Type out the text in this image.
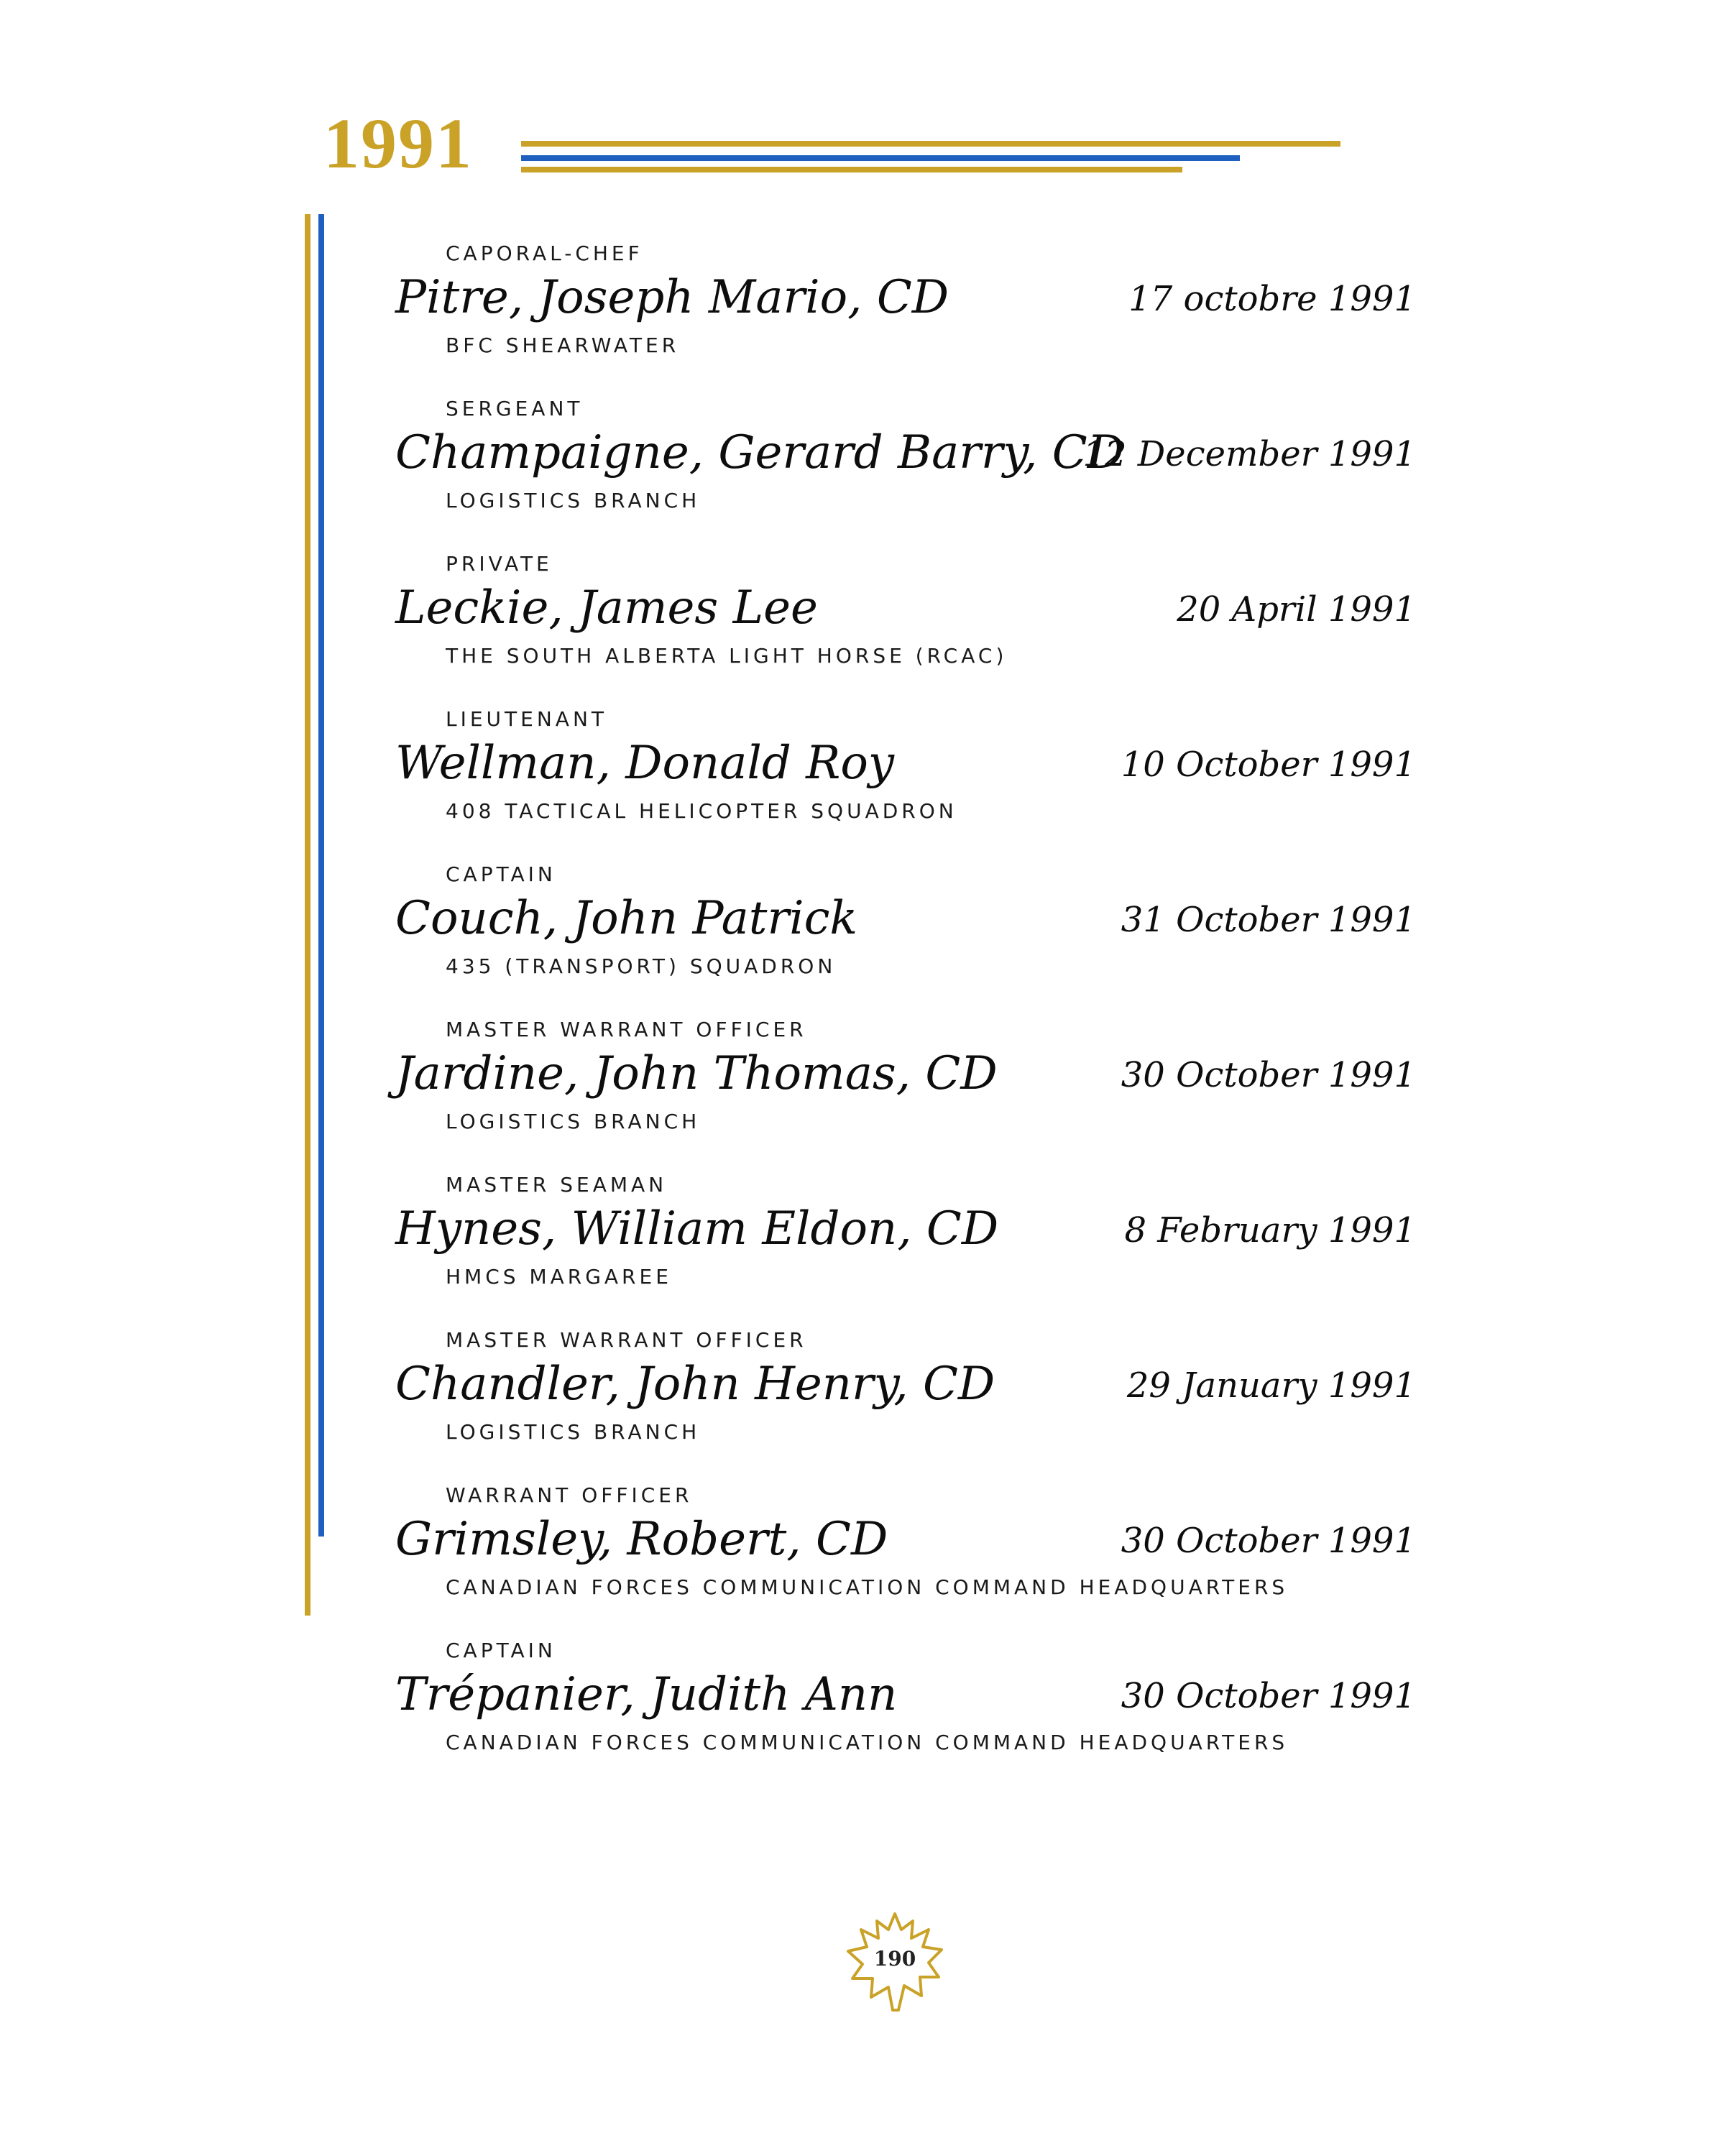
1991
CAPORAL-CHEF
Pitre, Joseph Mario, CD
BFC SHEARWATER
17 octobre 1991
SERGEANT
Champaigne, Gerard Barry, CD
LOGISTICS BRANCH
12 December 1991
PRIVATE
Leckie, James Lee
THE SOUTH ALBERTA LIGHT HORSE (RCAC)
20 April 1991
LIEUTENANT
Wellman, Donald Roy
408 TACTICAL HELICOPTER SQUADRON
10 October 1991
CAPTAIN
Couch, John Patrick
435 (TRANSPORT) SQUADRON
31 October 1991
MASTER WARRANT OFFICER
Jardine, John Thomas, CD
LOGISTICS BRANCH
30 October 1991
MASTER SEAMAN
Hynes, William Eldon, CD
HMCS MARGAREE
8 February 1991
MASTER WARRANT OFFICER
Chandler, John Henry, CD
LOGISTICS BRANCH
29 January 1991
WARRANT OFFICER
Grimsley, Robert, CD
CANADIAN FORCES COMMUNICATION COMMAND HEADQUARTERS
30 October 1991
CAPTAIN
Trépanier, Judith Ann
CANADIAN FORCES COMMUNICATION COMMAND HEADQUARTERS
30 October 1991
190
